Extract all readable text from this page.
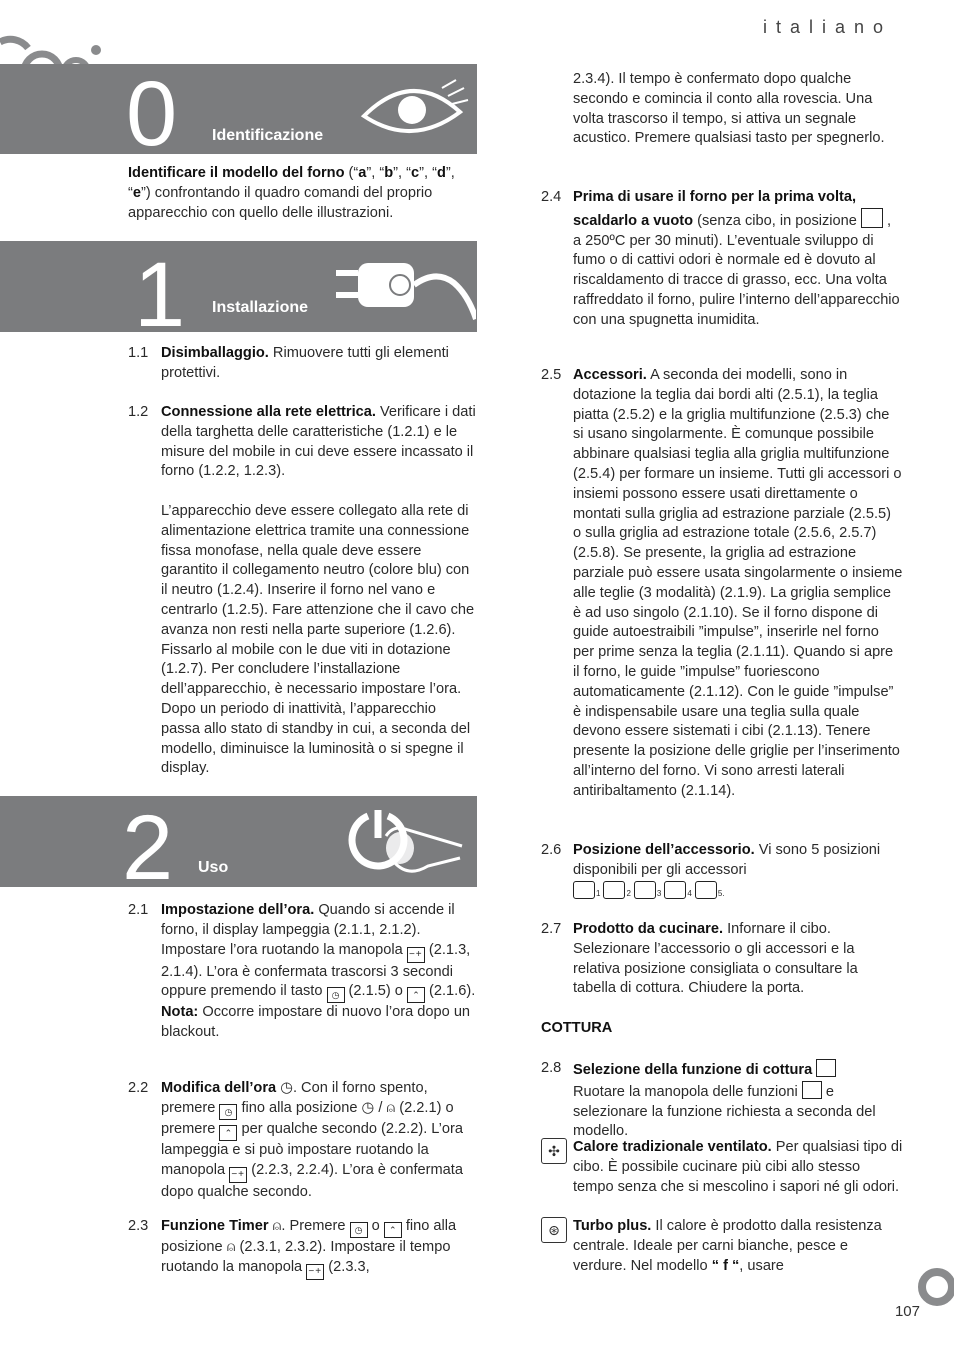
italiano
0 Identificazione

Identificare il modello del forno (“a”, “b”, “c”, “d”, “e”) confrontando il quadro comandi del proprio apparecchio con quello delle illustrazioni.

1 Installazione
1.1 Disimballaggio. Rimuovere tutti gli elementi protettivi.
1.2 Connessione alla rete elettrica. Verificare i dati della targhetta delle caratteristiche (1.2.1) e le misure del mobile in cui deve essere incassato il forno (1.2.2, 1.2.3).
L’apparecchio deve essere collegato alla rete di alimentazione elettrica tramite una connessione fissa monofase, nella quale deve essere garantito il collegamento neutro (colore blu) con il neutro (1.2.4). Inserire il forno nel vano e centrarlo (1.2.5). Fare attenzione che il cavo che avanza non resti nella parte superiore (1.2.6). Fissarlo al mobile con le due viti in dotazione (1.2.7). Per concludere l’installazione dell’apparecchio, è necessario impostare l’ora. Dopo un periodo di inattività, l’apparecchio passa allo stato di standby in cui, a seconda del modello, diminuisce la luminosità o si spegne il display.
2 Uso
2.1 Impostazione dell’ora. Quando si accende il forno, il display lampeggia (2.1.1, 2.1.2). Impostare l’ora ruotando la manopola −+ (2.1.3, 2.1.4). L’ora è confermata trascorsi 3 secondi oppure premendo il tasto ◷ (2.1.5) o ⌃ (2.1.6).
Nota: Occorre impostare di nuovo l’ora dopo un blackout.
2.2 Modifica dell’ora ◷. Con il forno spento, premere ◷ fino alla posizione ◷ / ⍝ (2.2.1) o premere ⌃ per qualche secondo (2.2.2). L’ora lampeggia e si può impostare ruotando la manopola −+ (2.2.3, 2.2.4). L’ora è confermata dopo qualche secondo.
2.3 Funzione Timer ⍝. Premere ◷ o ⌃ fino alla posizione ⍝ (2.3.1, 2.3.2). Impostare il tempo ruotando la manopola −+ (2.3.3,
2.3.4). Il tempo è confermato dopo qualche secondo e comincia il conto alla rovescia. Una volta trascorso il tempo, si attiva un segnale acustico. Premere qualsiasi tasto per spegnerlo.
2.4 Prima di usare il forno per la prima volta, scaldarlo a vuoto (senza cibo, in posizione  , a 250ºC per 30 minuti). L’eventuale sviluppo di fumo o di cattivi odori è normale ed è dovuto al riscaldamento di tracce di grasso, ecc. Una volta raffreddato il forno, pulire l’interno dell’apparecchio con una spugnetta inumidita.
2.5 Accessori. A seconda dei modelli, sono in dotazione la teglia dai bordi alti (2.5.1), la teglia piatta (2.5.2) e la griglia multifunzione (2.5.3) che si usano singolarmente. È comunque possibile abbinare qualsiasi teglia alla griglia multifunzione (2.5.4) per formare un insieme. Tutti gli accessori o insiemi possono essere usati direttamente o montati sulla griglia ad estrazione parziale (2.5.5) o sulla griglia ad estrazione totale (2.5.6, 2.5.7)(2.5.8). Se presente, la griglia ad estrazione parziale può essere usata singolarmente o insieme alle teglie (3 modalità) (2.1.9). La griglia semplice è ad uso singolo (2.1.10). Se il forno dispone di guide autoestraibili ”impulse”, inserirle nel forno per prime senza la teglia (2.1.11). Quando si apre il forno, le guide ”impulse” fuoriescono automaticamente (2.1.12). Con le guide ”impulse” è indispensabile usare una teglia sulla quale devono essere sistemati i cibi (2.1.13). Tenere presente la posizione delle griglie per l’inserimento all’interno del forno. Vi sono arresti laterali antiribaltamento (2.1.14).
2.6 Posizione dell’accessorio. Vi sono 5 posizioni disponibili per gli accessori
1	2	3	4	5.
2.7 Prodotto da cucinare. Infornare il cibo. Selezionare l’accessorio o gli accessori e la relativa posizione consigliata o consultare la tabella di cottura. Chiudere la porta.
COTTURA
2.8 Selezione della funzione di cottura
Ruotare la manopola delle funzioni  e selezionare la funzione richiesta a seconda del modello.
✣ Calore tradizionale ventilato. Per qualsiasi tipo di cibo. È possibile cucinare più cibi allo stesso tempo senza che si mescolino i sapori né gli odori.
⊛ Turbo plus. Il calore è prodotto dalla resistenza centrale. Ideale per carni bianche, pesce e verdure. Nel modello “ f “, usare
107
